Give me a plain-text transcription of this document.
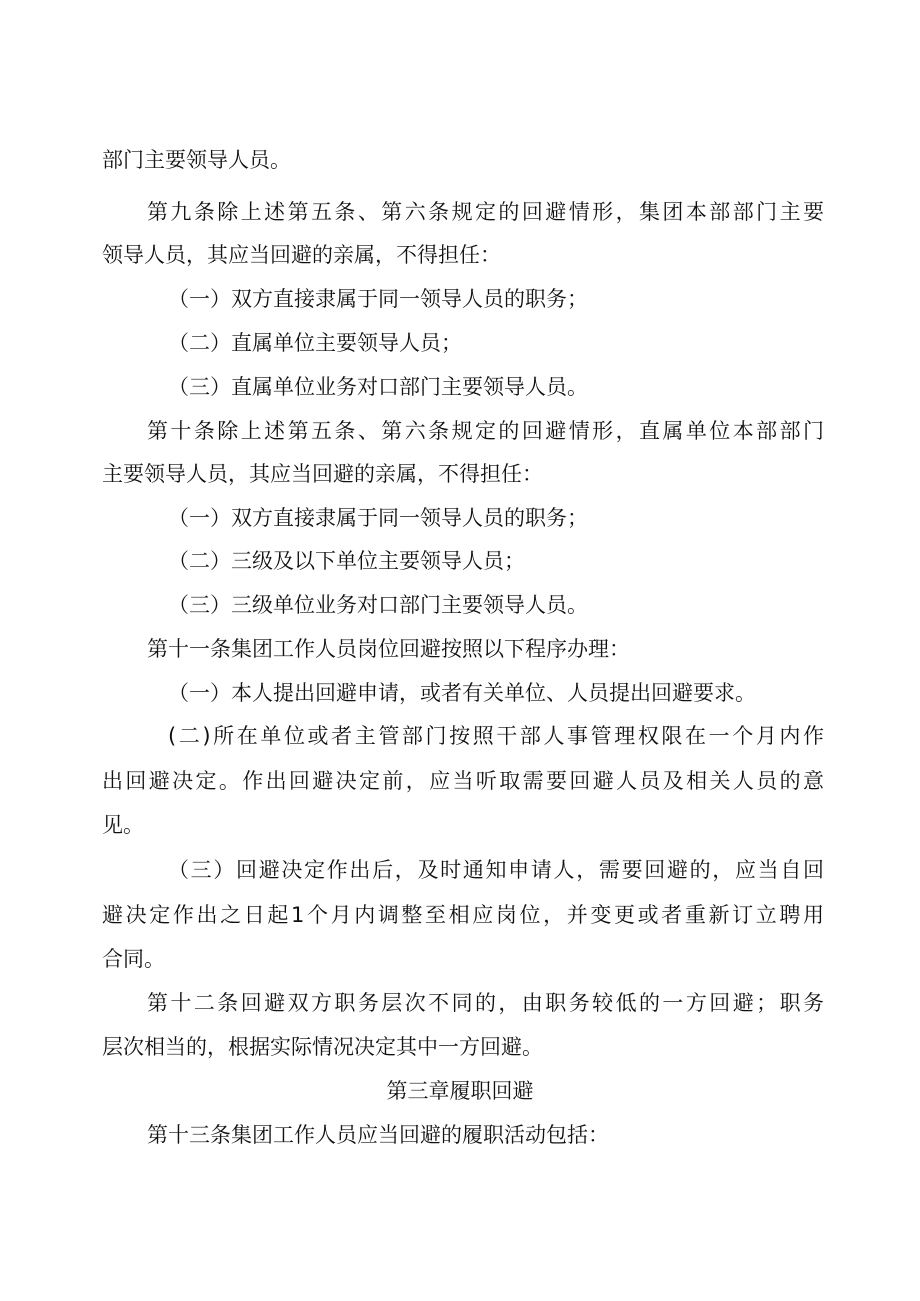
部门主要领导人员。
第九条除上述第五条、第六条规定的回避情形，集团本部部门主要
领导人员，其应当回避的亲属，不得担任：
（一）双方直接隶属于同一领导人员的职务；
（二）直属单位主要领导人员；
（三）直属单位业务对口部门主要领导人员。
第十条除上述第五条、第六条规定的回避情形，直属单位本部部门
主要领导人员，其应当回避的亲属，不得担任：
（一）双方直接隶属于同一领导人员的职务；
（二）三级及以下单位主要领导人员；
（三）三级单位业务对口部门主要领导人员。
第十一条集团工作人员岗位回避按照以下程序办理：
（一）本人提出回避申请，或者有关单位、人员提出回避要求。
(二)所在单位或者主管部门按照干部人事管理权限在一个月内作
出回避决定。作出回避决定前，应当听取需要回避人员及相关人员的意
见。
（三）回避决定作出后，及时通知申请人，需要回避的，应当自回
避决定作出之日起1个月内调整至相应岗位，并变更或者重新订立聘用
合同。
第十二条回避双方职务层次不同的，由职务较低的一方回避；职务
层次相当的，根据实际情况决定其中一方回避。
第三章履职回避
第十三条集团工作人员应当回避的履职活动包括：
